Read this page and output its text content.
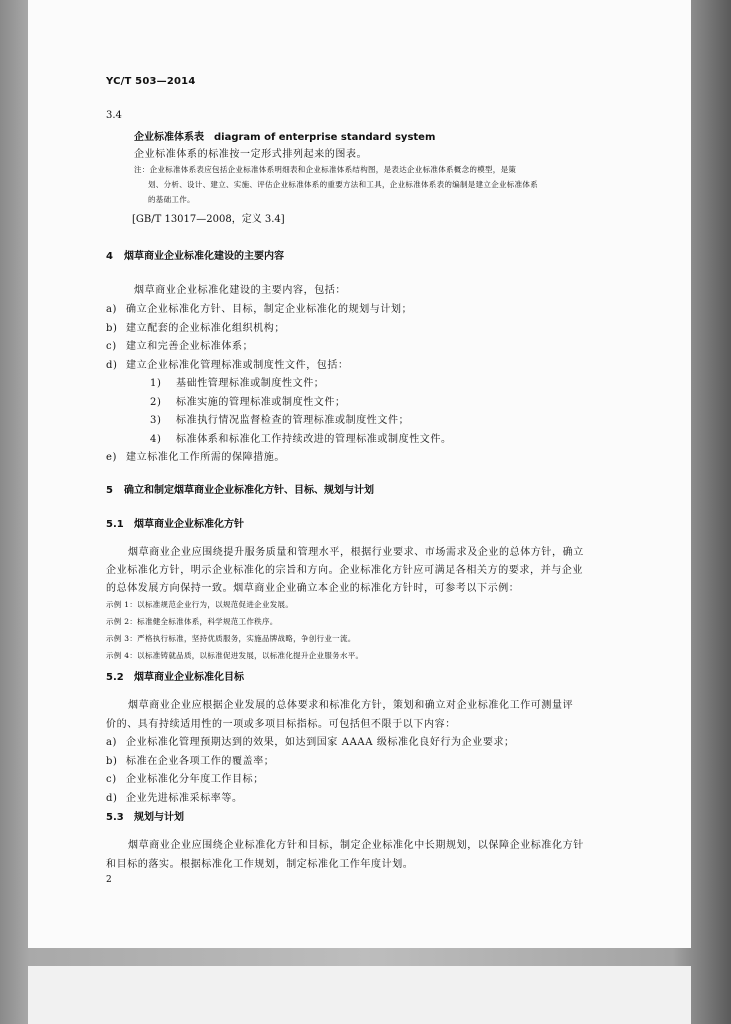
YC/T 503—2014
3.4
企业标准体系表　diagram of enterprise standard system
企业标准体系的标准按一定形式排列起来的图表。
注：企业标准体系表应包括企业标准体系明细表和企业标准体系结构图，是表达企业标准体系概念的模型，是策
划、分析、设计、建立、实施、评估企业标准体系的重要方法和工具，企业标准体系表的编制是建立企业标准体系
的基础工作。
[GB/T 13017—2008，定义 3.4]
4 烟草商业企业标准化建设的主要内容
烟草商业企业标准化建设的主要内容，包括：
a) 确立企业标准化方针、目标，制定企业标准化的规划与计划；
b) 建立配套的企业标准化组织机构；
c) 建立和完善企业标准体系；
d) 建立企业标准化管理标准或制度性文件，包括：
1) 基础性管理标准或制度性文件；
2) 标准实施的管理标准或制度性文件；
3) 标准执行情况监督检查的管理标准或制度性文件；
4) 标准体系和标准化工作持续改进的管理标准或制度性文件。
e) 建立标准化工作所需的保障措施。
5 确立和制定烟草商业企业标准化方针、目标、规划与计划
5.1 烟草商业企业标准化方针
烟草商业企业应围绕提升服务质量和管理水平，根据行业要求、市场需求及企业的总体方针，确立
企业标准化方针，明示企业标准化的宗旨和方向。企业标准化方针应可满足各相关方的要求，并与企业
的总体发展方向保持一致。烟草商业企业确立本企业的标准化方针时，可参考以下示例：
示例 1：以标准规范企业行为，以规范促进企业发展。
示例 2：标准健全标准体系，科学规范工作秩序。
示例 3：严格执行标准，坚持优质服务，实施品牌战略，争创行业一流。
示例 4：以标准铸就品质，以标准促进发展，以标准化提升企业服务水平。
5.2 烟草商业企业标准化目标
烟草商业企业应根据企业发展的总体要求和标准化方针，策划和确立对企业标准化工作可测量评
价的、具有持续适用性的一项或多项目标指标。可包括但不限于以下内容：
a) 企业标准化管理预期达到的效果，如达到国家 AAAA 级标准化良好行为企业要求；
b) 标准在企业各项工作的覆盖率；
c) 企业标准化分年度工作目标；
d) 企业先进标准采标率等。
5.3 规划与计划
烟草商业企业应围绕企业标准化方针和目标，制定企业标准化中长期规划，以保障企业标准化方针
和目标的落实。根据标准化工作规划，制定标准化工作年度计划。
2
